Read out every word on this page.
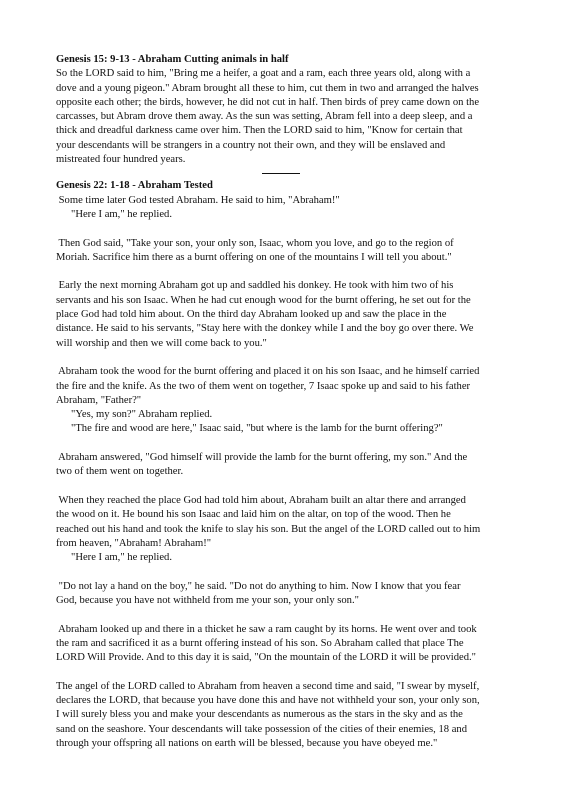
Genesis 15: 9-13 - Abraham Cutting animals in half
So the LORD said to him, "Bring me a heifer, a goat and a ram, each three years old, along with a
dove and a young pigeon." Abram brought all these to him, cut them in two and arranged the halves
opposite each other; the birds, however, he did not cut in half. Then birds of prey came down on the
carcasses, but Abram drove them away. As the sun was setting, Abram fell into a deep sleep, and a
thick and dreadful darkness came over him. Then the LORD said to him, "Know for certain that
your descendants will be strangers in a country not their own, and they will be enslaved and
mistreated four hundred years.
Genesis 22: 1-18 - Abraham Tested
Some time later God tested Abraham. He said to him, "Abraham!"
"Here I am," he replied.
Then God said, "Take your son, your only son, Isaac, whom you love, and go to the region of
Moriah. Sacrifice him there as a burnt offering on one of the mountains I will tell you about."
Early the next morning Abraham got up and saddled his donkey. He took with him two of his
servants and his son Isaac. When he had cut enough wood for the burnt offering, he set out for the
place God had told him about. On the third day Abraham looked up and saw the place in the
distance. He said to his servants, "Stay here with the donkey while I and the boy go over there. We
will worship and then we will come back to you."
Abraham took the wood for the burnt offering and placed it on his son Isaac, and he himself carried
the fire and the knife. As the two of them went on together, 7 Isaac spoke up and said to his father
Abraham, "Father?"
"Yes, my son?" Abraham replied.
"The fire and wood are here," Isaac said, "but where is the lamb for the burnt offering?"
Abraham answered, "God himself will provide the lamb for the burnt offering, my son." And the
two of them went on together.
When they reached the place God had told him about, Abraham built an altar there and arranged
the wood on it. He bound his son Isaac and laid him on the altar, on top of the wood. Then he
reached out his hand and took the knife to slay his son. But the angel of the LORD called out to him
from heaven, "Abraham! Abraham!"
"Here I am," he replied.
"Do not lay a hand on the boy," he said. "Do not do anything to him. Now I know that you fear
God, because you have not withheld from me your son, your only son."
Abraham looked up and there in a thicket he saw a ram caught by its horns. He went over and took
the ram and sacrificed it as a burnt offering instead of his son. So Abraham called that place The
LORD Will Provide. And to this day it is said, "On the mountain of the LORD it will be provided."
The angel of the LORD called to Abraham from heaven a second time and said, "I swear by myself,
declares the LORD, that because you have done this and have not withheld your son, your only son,
I will surely bless you and make your descendants as numerous as the stars in the sky and as the
sand on the seashore. Your descendants will take possession of the cities of their enemies, 18 and
through your offspring all nations on earth will be blessed, because you have obeyed me."
